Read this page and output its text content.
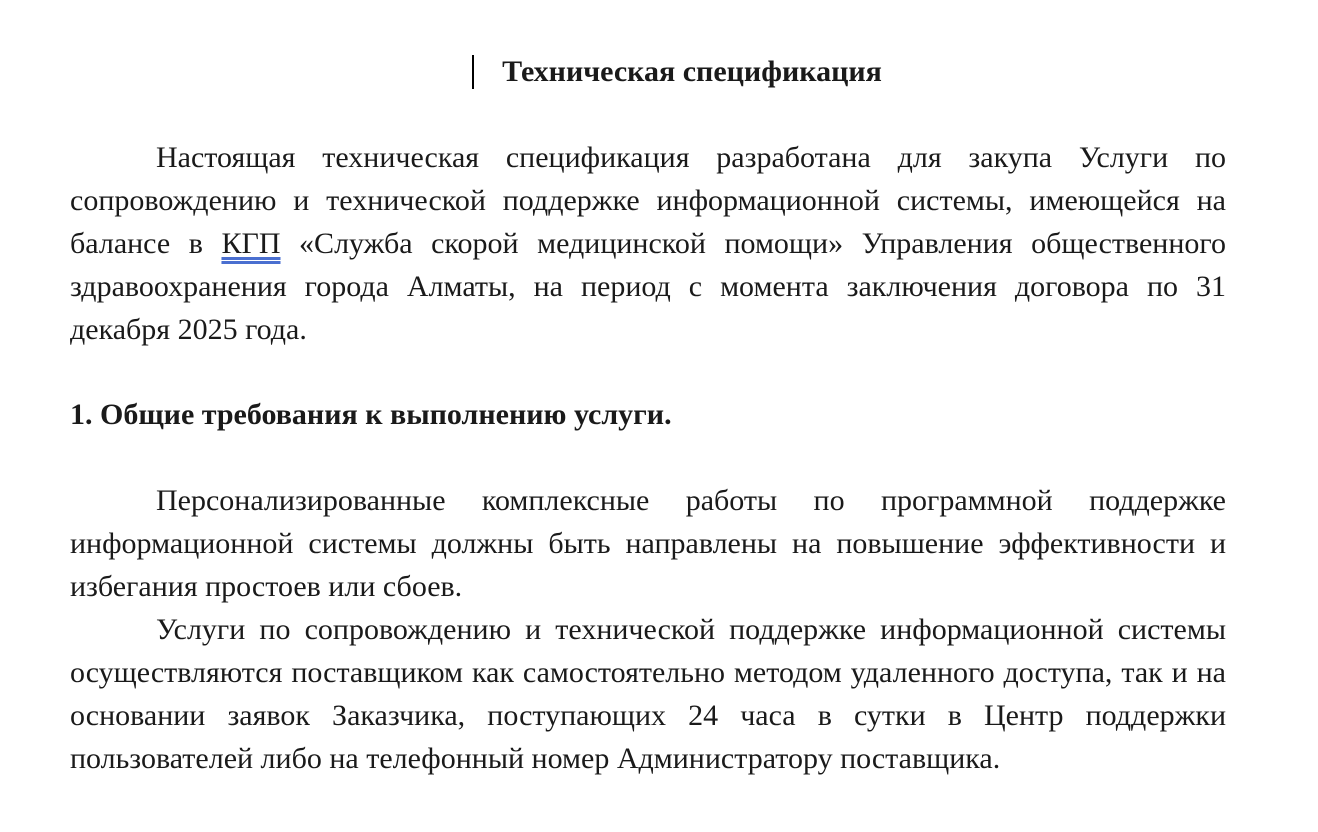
Техническая спецификация

Настоящая техническая спецификация разработана для закупа Услуги по сопровождению и технической поддержке информационной системы, имеющейся на балансе в КГП «Служба скорой медицинской помощи» Управления общественного здравоохранения города Алматы, на период с момента заключения договора по 31 декабря 2025 года.

1. Общие требования к выполнению услуги.

Персонализированные комплексные работы по программной поддержке информационной системы должны быть направлены на повышение эффективности и избегания простоев или сбоев.

Услуги по сопровождению и технической поддержке информационной системы осуществляются поставщиком как самостоятельно методом удаленного доступа, так и на основании заявок Заказчика, поступающих 24 часа в сутки в Центр поддержки пользователей либо на телефонный номер Администратору поставщика.
